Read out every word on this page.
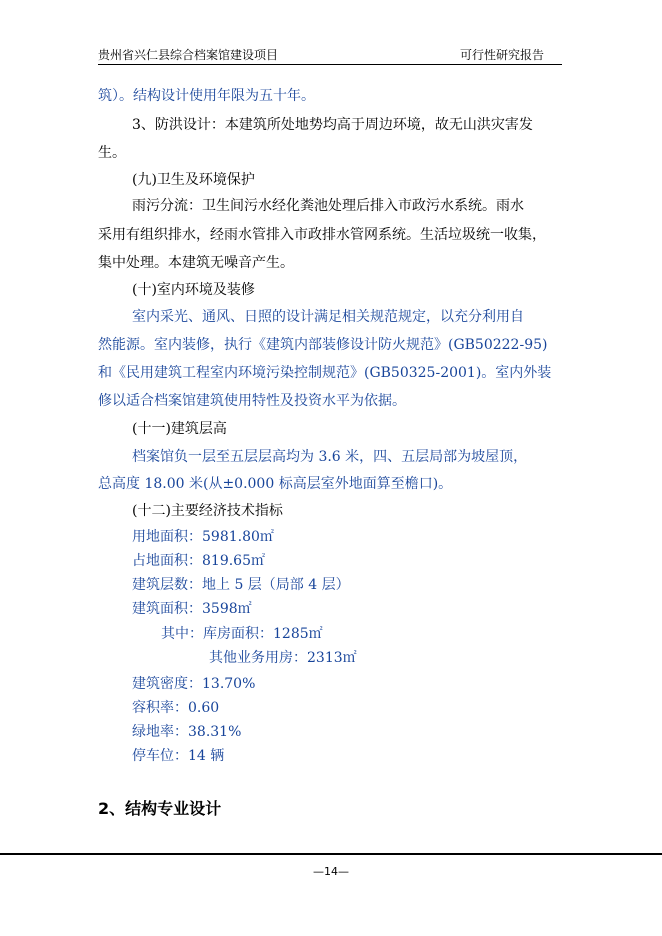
贵州省兴仁县综合档案馆建设项目	可行性研究报告
筑）。结构设计使用年限为五十年。
3、防洪设计：本建筑所处地势均高于周边环境，故无山洪灾害发
生。
(九)卫生及环境保护
雨污分流：卫生间污水经化粪池处理后排入市政污水系统。雨水
采用有组织排水，经雨水管排入市政排水管网系统。生活垃圾统一收集，
集中处理。本建筑无噪音产生。
(十)室内环境及装修
室内采光、通风、日照的设计满足相关规范规定，以充分利用自
然能源。室内装修，执行《建筑内部装修设计防火规范》(GB50222-95)
和《民用建筑工程室内环境污染控制规范》(GB50325-2001)。室内外装
修以适合档案馆建筑使用特性及投资水平为依据。
(十一)建筑层高
档案馆负一层至五层层高均为 3.6 米，四、五层局部为坡屋顶，
总高度 18.00 米(从±0.000 标高层室外地面算至檐口)。
(十二)主要经济技术指标
用地面积：5981.80㎡
占地面积：819.65㎡
建筑层数：地上 5 层（局部 4 层）
建筑面积：3598㎡
其中：库房面积：1285㎡
其他业务用房：2313㎡
建筑密度：13.70%
容积率：0.60
绿地率：38.31%
停车位：14 辆
2、结构专业设计
—14—
